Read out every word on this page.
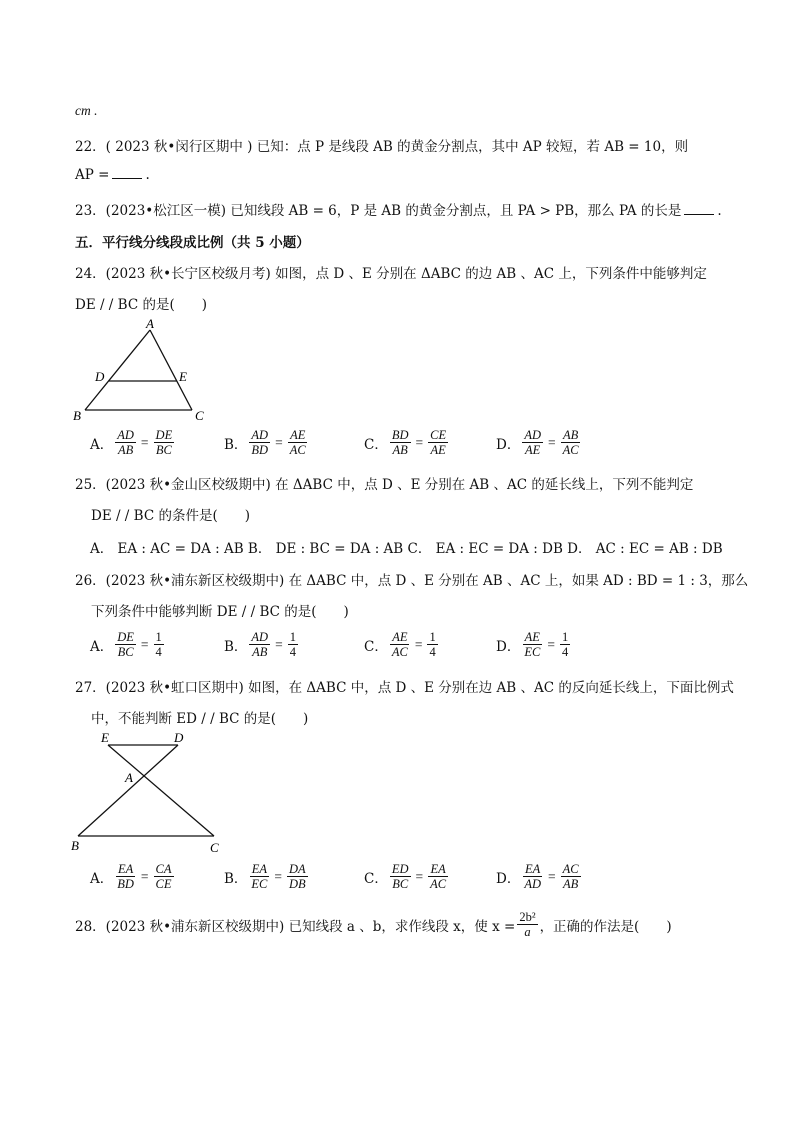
cm .
22．( 2023 秋•闵行区期中 ) 已知：点 P 是线段 AB 的黄金分割点，其中 AP 较短，若 AB = 10，则
AP =	.
23．(2023•松江区一模) 已知线段 AB = 6，P 是 AB 的黄金分割点，且 PA > PB，那么 PA 的长是	.
五．平行线分线段成比例（共 5 小题）
24．(2023 秋•长宁区校级月考) 如图，点 D 、E 分别在 ΔABC 的边 AB 、AC 上，下列条件中能够判定
DE / / BC 的是(　　)
A
D	E
B	C
A． $\frac{AD}{AB} = \frac{DE}{BC}$	B． $\frac{AD}{BD} = \frac{AE}{AC}$	C． $\frac{BD}{AB} = \frac{CE}{AE}$	D． $\frac{AD}{AE} = \frac{AB}{AC}$
25．(2023 秋•金山区校级期中) 在 ΔABC 中，点 D 、E 分别在 AB 、AC 的延长线上，下列不能判定
DE / / BC 的条件是(　　)
A． EA : AC = DA : AB B． DE : BC = DA : AB C． EA : EC = DA : DB D． AC : EC = AB : DB
26．(2023 秋•浦东新区校级期中) 在 ΔABC 中，点 D 、E 分别在 AB 、AC 上，如果 AD : BD = 1 : 3，那么
下列条件中能够判断 DE / / BC 的是(　　)
A． $\frac{DE}{BC} = \frac{1}{4}$	B． $\frac{AD}{AB} = \frac{1}{4}$	C． $\frac{AE}{AC} = \frac{1}{4}$	D． $\frac{AE}{EC} = \frac{1}{4}$
27．(2023 秋•虹口区期中) 如图，在 ΔABC 中，点 D 、E 分别在边 AB 、AC 的反向延长线上，下面比例式
中，不能判断 ED / / BC 的是(　　)
E	D
A
B	C
A． $\frac{EA}{BD} = \frac{CA}{CE}$	B． $\frac{EA}{EC} = \frac{DA}{DB}$	C． $\frac{ED}{BC} = \frac{EA}{AC}$	D． $\frac{EA}{AD} = \frac{AC}{AB}$
28．(2023 秋•浦东新区校级期中) 已知线段 a 、b，求作线段 x，使 $x = \frac{\text{2b²}}{a}$ ，正确的作法是(　　)
